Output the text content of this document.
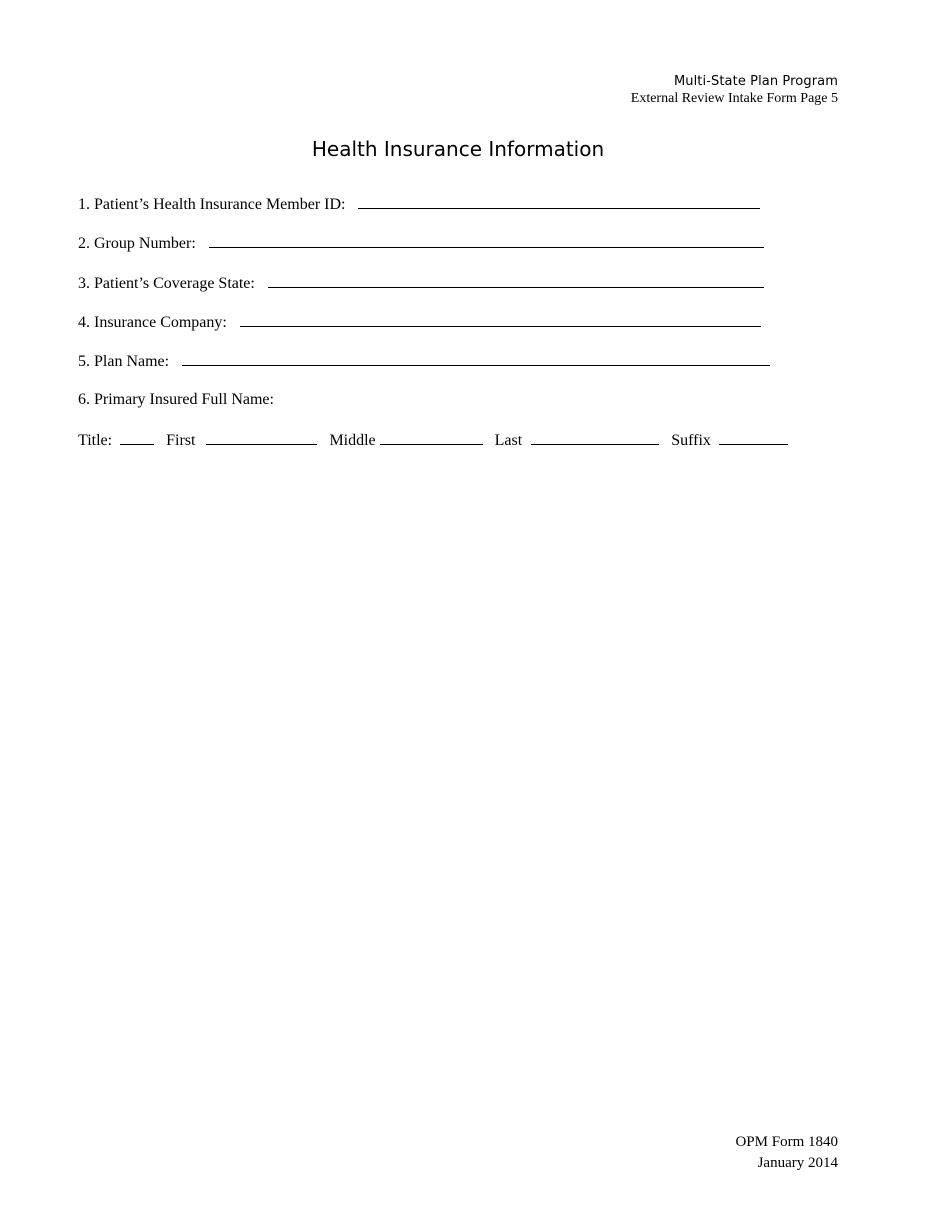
Multi-State Plan Program
External Review Intake Form Page 5
Health Insurance Information
1. Patient’s Health Insurance Member ID:
2. Group Number:
3. Patient’s Coverage State:
4. Insurance Company:
5. Plan Name:
6. Primary Insured Full Name:
Title:	First	Middle	Last	Suffix
OPM Form 1840
January 2014
